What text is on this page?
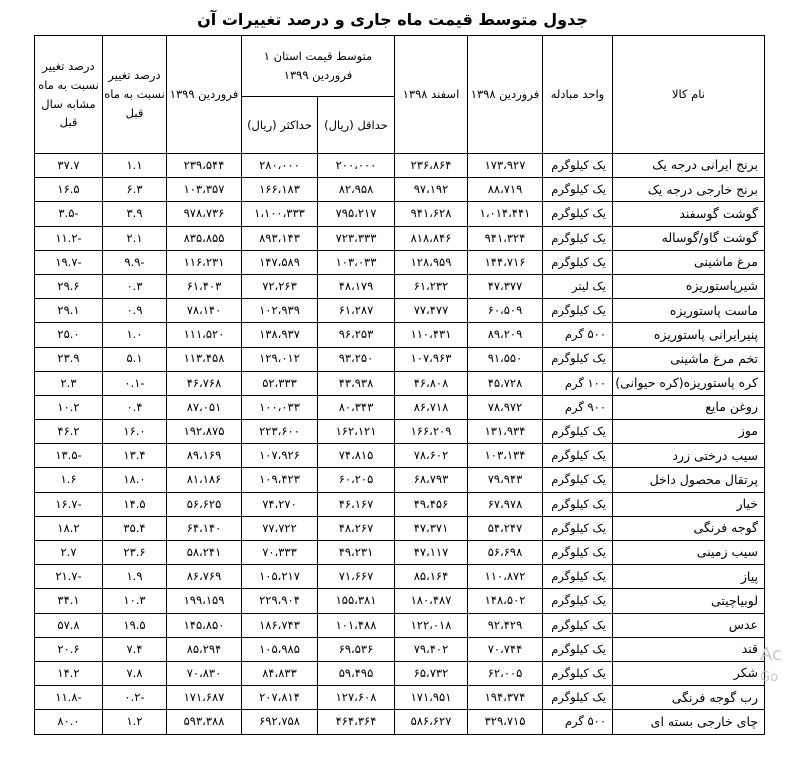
جدول متوسط قیمت ماه جاری و درصد تغییرات آن
نام کالا	واحد مبادله	فروردین ۱۳۹۸	اسفند ۱۳۹۸	متوسط قیمت استان ۱ فروردین ۱۳۹۹		فروردین ۱۳۹۹	درصد تغییر نسبت به ماه قبل	درصد تغییر نسبت به ماه مشابه سال قبل
				حداقل (ریال)	حداکثر (ریال)			
برنج ایرانی درجه یک	یک کیلوگرم	۱۷۳،۹۲۷	۲۳۶،۸۶۴	۲۰۰،۰۰۰	۲۸۰،۰۰۰	۲۳۹،۵۴۴	۱.۱	۳۷.۷
برنج خارجی درجه یک	یک کیلوگرم	۸۸،۷۱۹	۹۷،۱۹۲	۸۲،۹۵۸	۱۶۶،۱۸۳	۱۰۳،۳۵۷	۶.۳	۱۶.۵
گوشت گوسفند	یک کیلوگرم	۱،۰۱۴،۴۴۱	۹۴۱،۶۲۸	۷۹۵،۲۱۷	۱،۱۰۰،۳۳۳	۹۷۸،۷۳۶	۳.۹	-۳.۵
گوشت گاو/گوساله	یک کیلوگرم	۹۴۱،۳۲۴	۸۱۸،۸۴۶	۷۲۳،۳۳۳	۸۹۳،۱۴۳	۸۳۵،۸۵۵	۲.۱	-۱۱.۲
مرغ ماشینی	یک کیلوگرم	۱۴۴،۷۱۶	۱۲۸،۹۵۹	۱۰۳،۰۳۳	۱۴۷،۵۸۹	۱۱۶،۲۳۱	-۹.۹	-۱۹.۷
شیرپاستوریزه	یک لیتر	۴۷،۳۷۷	۶۱،۲۳۲	۴۸،۱۷۹	۷۲،۲۶۳	۶۱،۴۰۳	۰.۳	۲۹.۶
ماست پاستوریزه	یک کیلوگرم	۶۰،۵۰۹	۷۷،۴۷۷	۶۱،۲۸۷	۱۰۲،۹۳۹	۷۸،۱۴۰	۰.۹	۲۹.۱
پنیرایرانی پاستوریزه	۵۰۰ گرم	۸۹،۲۰۹	۱۱۰،۴۳۱	۹۶،۲۵۳	۱۳۸،۹۳۷	۱۱۱،۵۲۰	۱.۰	۲۵.۰
تخم مرغ ماشینی	یک کیلوگرم	۹۱،۵۵۰	۱۰۷،۹۶۳	۹۳،۲۵۰	۱۲۹،۰۱۲	۱۱۳،۴۵۸	۵.۱	۲۳.۹
کره پاستوریزه(کره حیوانی)	۱۰۰ گرم	۴۵،۷۲۸	۴۶،۸۰۸	۴۳،۹۳۸	۵۲،۳۳۳	۴۶،۷۶۸	-۰.۱	۲.۳
روغن مایع	۹۰۰ گرم	۷۸،۹۷۲	۸۶،۷۱۸	۸۰،۳۴۳	۱۰۰،۰۳۳	۸۷،۰۵۱	۰.۴	۱۰.۲
موز	یک کیلوگرم	۱۳۱،۹۳۴	۱۶۶،۲۰۹	۱۶۲،۱۲۱	۲۲۳،۶۰۰	۱۹۲،۸۷۵	۱۶.۰	۴۶.۲
سیب درختی زرد	یک کیلوگرم	۱۰۳،۱۳۴	۷۸،۶۰۲	۷۴،۸۱۵	۱۰۷،۹۲۶	۸۹،۱۶۹	۱۳.۴	-۱۳.۵
پرتقال محصول داخل	یک کیلوگرم	۷۹،۹۴۳	۶۸،۷۹۳	۶۰،۲۰۵	۱۰۹،۴۲۳	۸۱،۱۸۶	۱۸.۰	۱.۶
خیار	یک کیلوگرم	۶۷،۹۷۸	۴۹،۴۵۶	۴۶،۱۶۷	۷۴،۲۷۰	۵۶،۶۲۵	۱۴.۵	-۱۶.۷
گوجه فرنگی	یک کیلوگرم	۵۴،۲۴۷	۴۷،۳۷۱	۴۸،۲۶۷	۷۷،۷۲۲	۶۴،۱۴۰	۳۵.۴	۱۸.۲
سیب زمینی	یک کیلوگرم	۵۶،۶۹۸	۴۷،۱۱۷	۴۹،۲۳۱	۷۰،۳۳۳	۵۸،۲۴۱	۲۳.۶	۲.۷
پیاز	یک کیلوگرم	۱۱۰،۸۷۲	۸۵،۱۶۴	۷۱،۶۶۷	۱۰۵،۲۱۷	۸۶،۷۶۹	۱.۹	-۲۱.۷
لوبیاچیتی	یک کیلوگرم	۱۴۸،۵۰۲	۱۸۰،۴۸۷	۱۵۵،۳۸۱	۲۲۹،۹۰۴	۱۹۹،۱۵۹	۱۰.۳	۳۴.۱
عدس	یک کیلوگرم	۹۲،۴۲۹	۱۲۲،۰۱۸	۱۰۱،۴۸۸	۱۸۶،۷۴۳	۱۴۵،۸۵۰	۱۹.۵	۵۷.۸
قند	یک کیلوگرم	۷۰،۷۴۴	۷۹،۴۰۲	۶۹،۵۳۶	۱۰۵،۹۸۵	۸۵،۲۹۴	۷.۴	۲۰.۶
شکر	یک کیلوگرم	۶۲،۰۰۵	۶۵،۷۳۲	۵۹،۴۹۵	۸۴،۸۳۳	۷۰،۸۳۰	۷.۸	۱۴.۲
رب گوجه فرنگی	یک کیلوگرم	۱۹۴،۳۷۴	۱۷۱،۹۵۱	۱۲۷،۶۰۸	۲۰۷،۸۱۴	۱۷۱،۶۸۷	-۰.۲	-۱۱.۸
چای خارجی بسته ای	۵۰۰ گرم	۳۲۹،۷۱۵	۵۸۶،۶۲۷	۴۶۴،۳۶۴	۶۹۲،۷۵۸	۵۹۳،۳۸۸	۱.۲	۸۰.۰
Ac
Go
